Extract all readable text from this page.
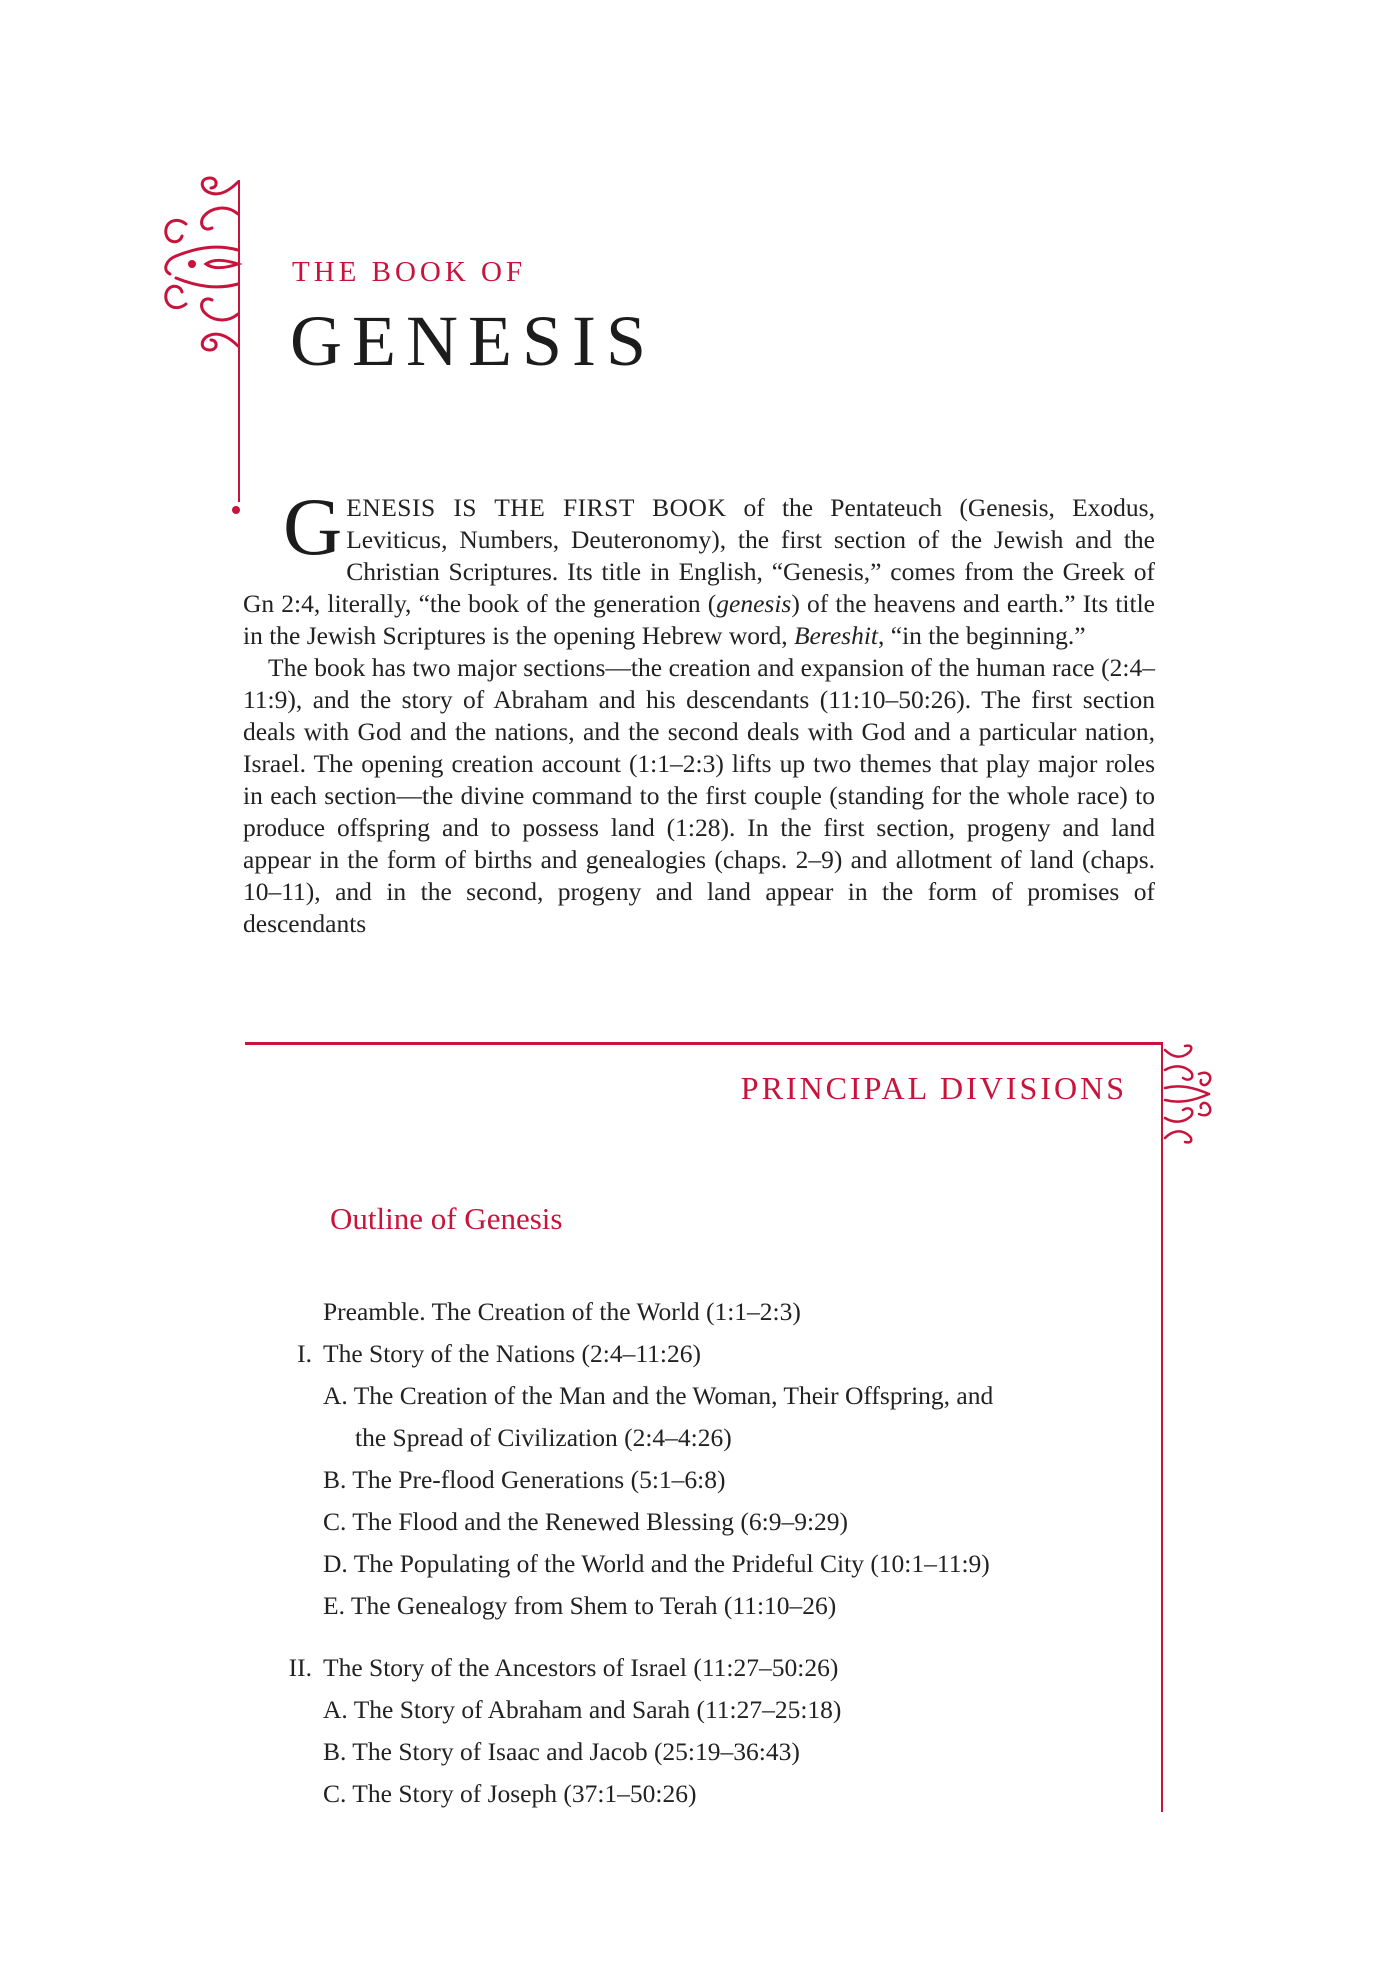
THE BOOK OF
GENESIS

GENESIS IS THE FIRST BOOK of the Pentateuch (Genesis, Exodus, Leviticus, Numbers, Deuteronomy), the first section of the Jewish and the Christian Scriptures. Its title in English, “Genesis,” comes from the Greek of Gn 2:4, literally, “the book of the generation (genesis) of the heavens and earth.” Its title in the Jewish Scriptures is the opening Hebrew word, Bereshit, “in the beginning.”

The book has two major sections—the creation and expansion of the human race (2:4–11:9), and the story of Abraham and his descendants (11:10–50:26). The first section deals with God and the nations, and the second deals with God and a particular nation, Israel. The opening creation account (1:1–2:3) lifts up two themes that play major roles in each section—the divine command to the first couple (standing for the whole race) to produce offspring and to possess land (1:28). In the first section, progeny and land appear in the form of births and genealogies (chaps. 2–9) and allotment of land (chaps. 10–11), and in the second, progeny and land appear in the form of promises of descendants

PRINCIPAL DIVISIONS
Outline of Genesis
Preamble. The Creation of the World (1:1–2:3)
I. The Story of the Nations (2:4–11:26)
A. The Creation of the Man and the Woman, Their Offspring, and
the Spread of Civilization (2:4–4:26)
B. The Pre-flood Generations (5:1–6:8)
C. The Flood and the Renewed Blessing (6:9–9:29)
D. The Populating of the World and the Prideful City (10:1–11:9)
E. The Genealogy from Shem to Terah (11:10–26)
II. The Story of the Ancestors of Israel (11:27–50:26)
A. The Story of Abraham and Sarah (11:27–25:18)
B. The Story of Isaac and Jacob (25:19–36:43)
C. The Story of Joseph (37:1–50:26)
